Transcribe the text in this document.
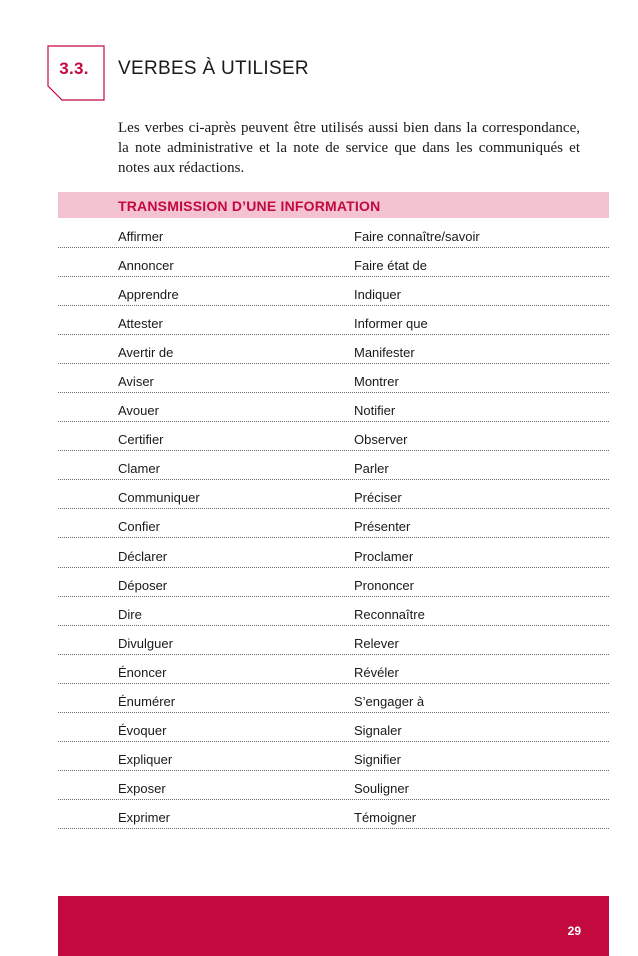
3.3.	VERBES À UTILISER
Les verbes ci-après peuvent être utilisés aussi bien dans la correspondance, la note administrative et la note de service que dans les communiqués et notes aux rédactions.
TRANSMISSION D’UNE INFORMATION
Affirmer	Faire connaître/savoir
Annoncer	Faire état de
Apprendre	Indiquer
Attester	Informer que
Avertir de	Manifester
Aviser	Montrer
Avouer	Notifier
Certifier	Observer
Clamer	Parler
Communiquer	Préciser
Confier	Présenter
Déclarer	Proclamer
Déposer	Prononcer
Dire	Reconnaître
Divulguer	Relever
Énoncer	Révéler
Énumérer	S’engager à
Évoquer	Signaler
Expliquer	Signifier
Exposer	Souligner
Exprimer	Témoigner
29
